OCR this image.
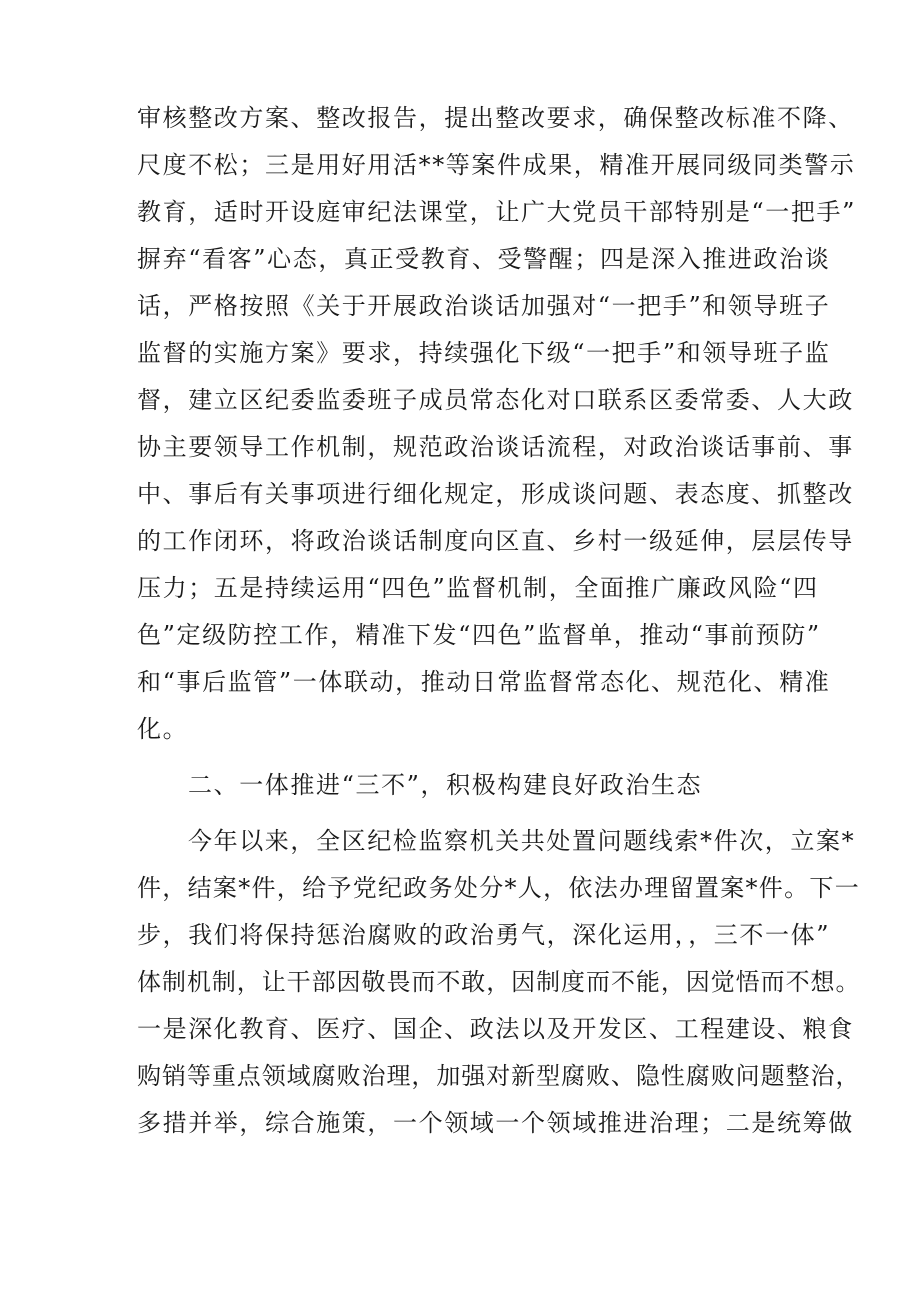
审核整改方案、整改报告，提出整改要求，确保整改标准不降、
尺度不松；三是用好用活**等案件成果，精准开展同级同类警示
教育，适时开设庭审纪法课堂，让广大党员干部特别是“一把手”
摒弃“看客”心态，真正受教育、受警醒；四是深入推进政治谈
话，严格按照《关于开展政治谈话加强对“一把手”和领导班子
监督的实施方案》要求，持续强化下级“一把手”和领导班子监
督，建立区纪委监委班子成员常态化对口联系区委常委、人大政
协主要领导工作机制，规范政治谈话流程，对政治谈话事前、事
中、事后有关事项进行细化规定，形成谈问题、表态度、抓整改
的工作闭环，将政治谈话制度向区直、乡村一级延伸，层层传导
压力；五是持续运用“四色”监督机制，全面推广廉政风险“四
色”定级防控工作，精准下发“四色”监督单，推动“事前预防”
和“事后监管”一体联动，推动日常监督常态化、规范化、精准
化。
二、一体推进“三不”，积极构建良好政治生态
今年以来，全区纪检监察机关共处置问题线索*件次，立案*
件，结案*件，给予党纪政务处分*人，依法办理留置案*件。下一
步，我们将保持惩治腐败的政治勇气，深化运用，，三不一体”
体制机制，让干部因敬畏而不敢，因制度而不能，因觉悟而不想。
一是深化教育、医疗、国企、政法以及开发区、工程建设、粮食
购销等重点领域腐败治理，加强对新型腐败、隐性腐败问题整治，
多措并举，综合施策，一个领域一个领域推进治理；二是统筹做
